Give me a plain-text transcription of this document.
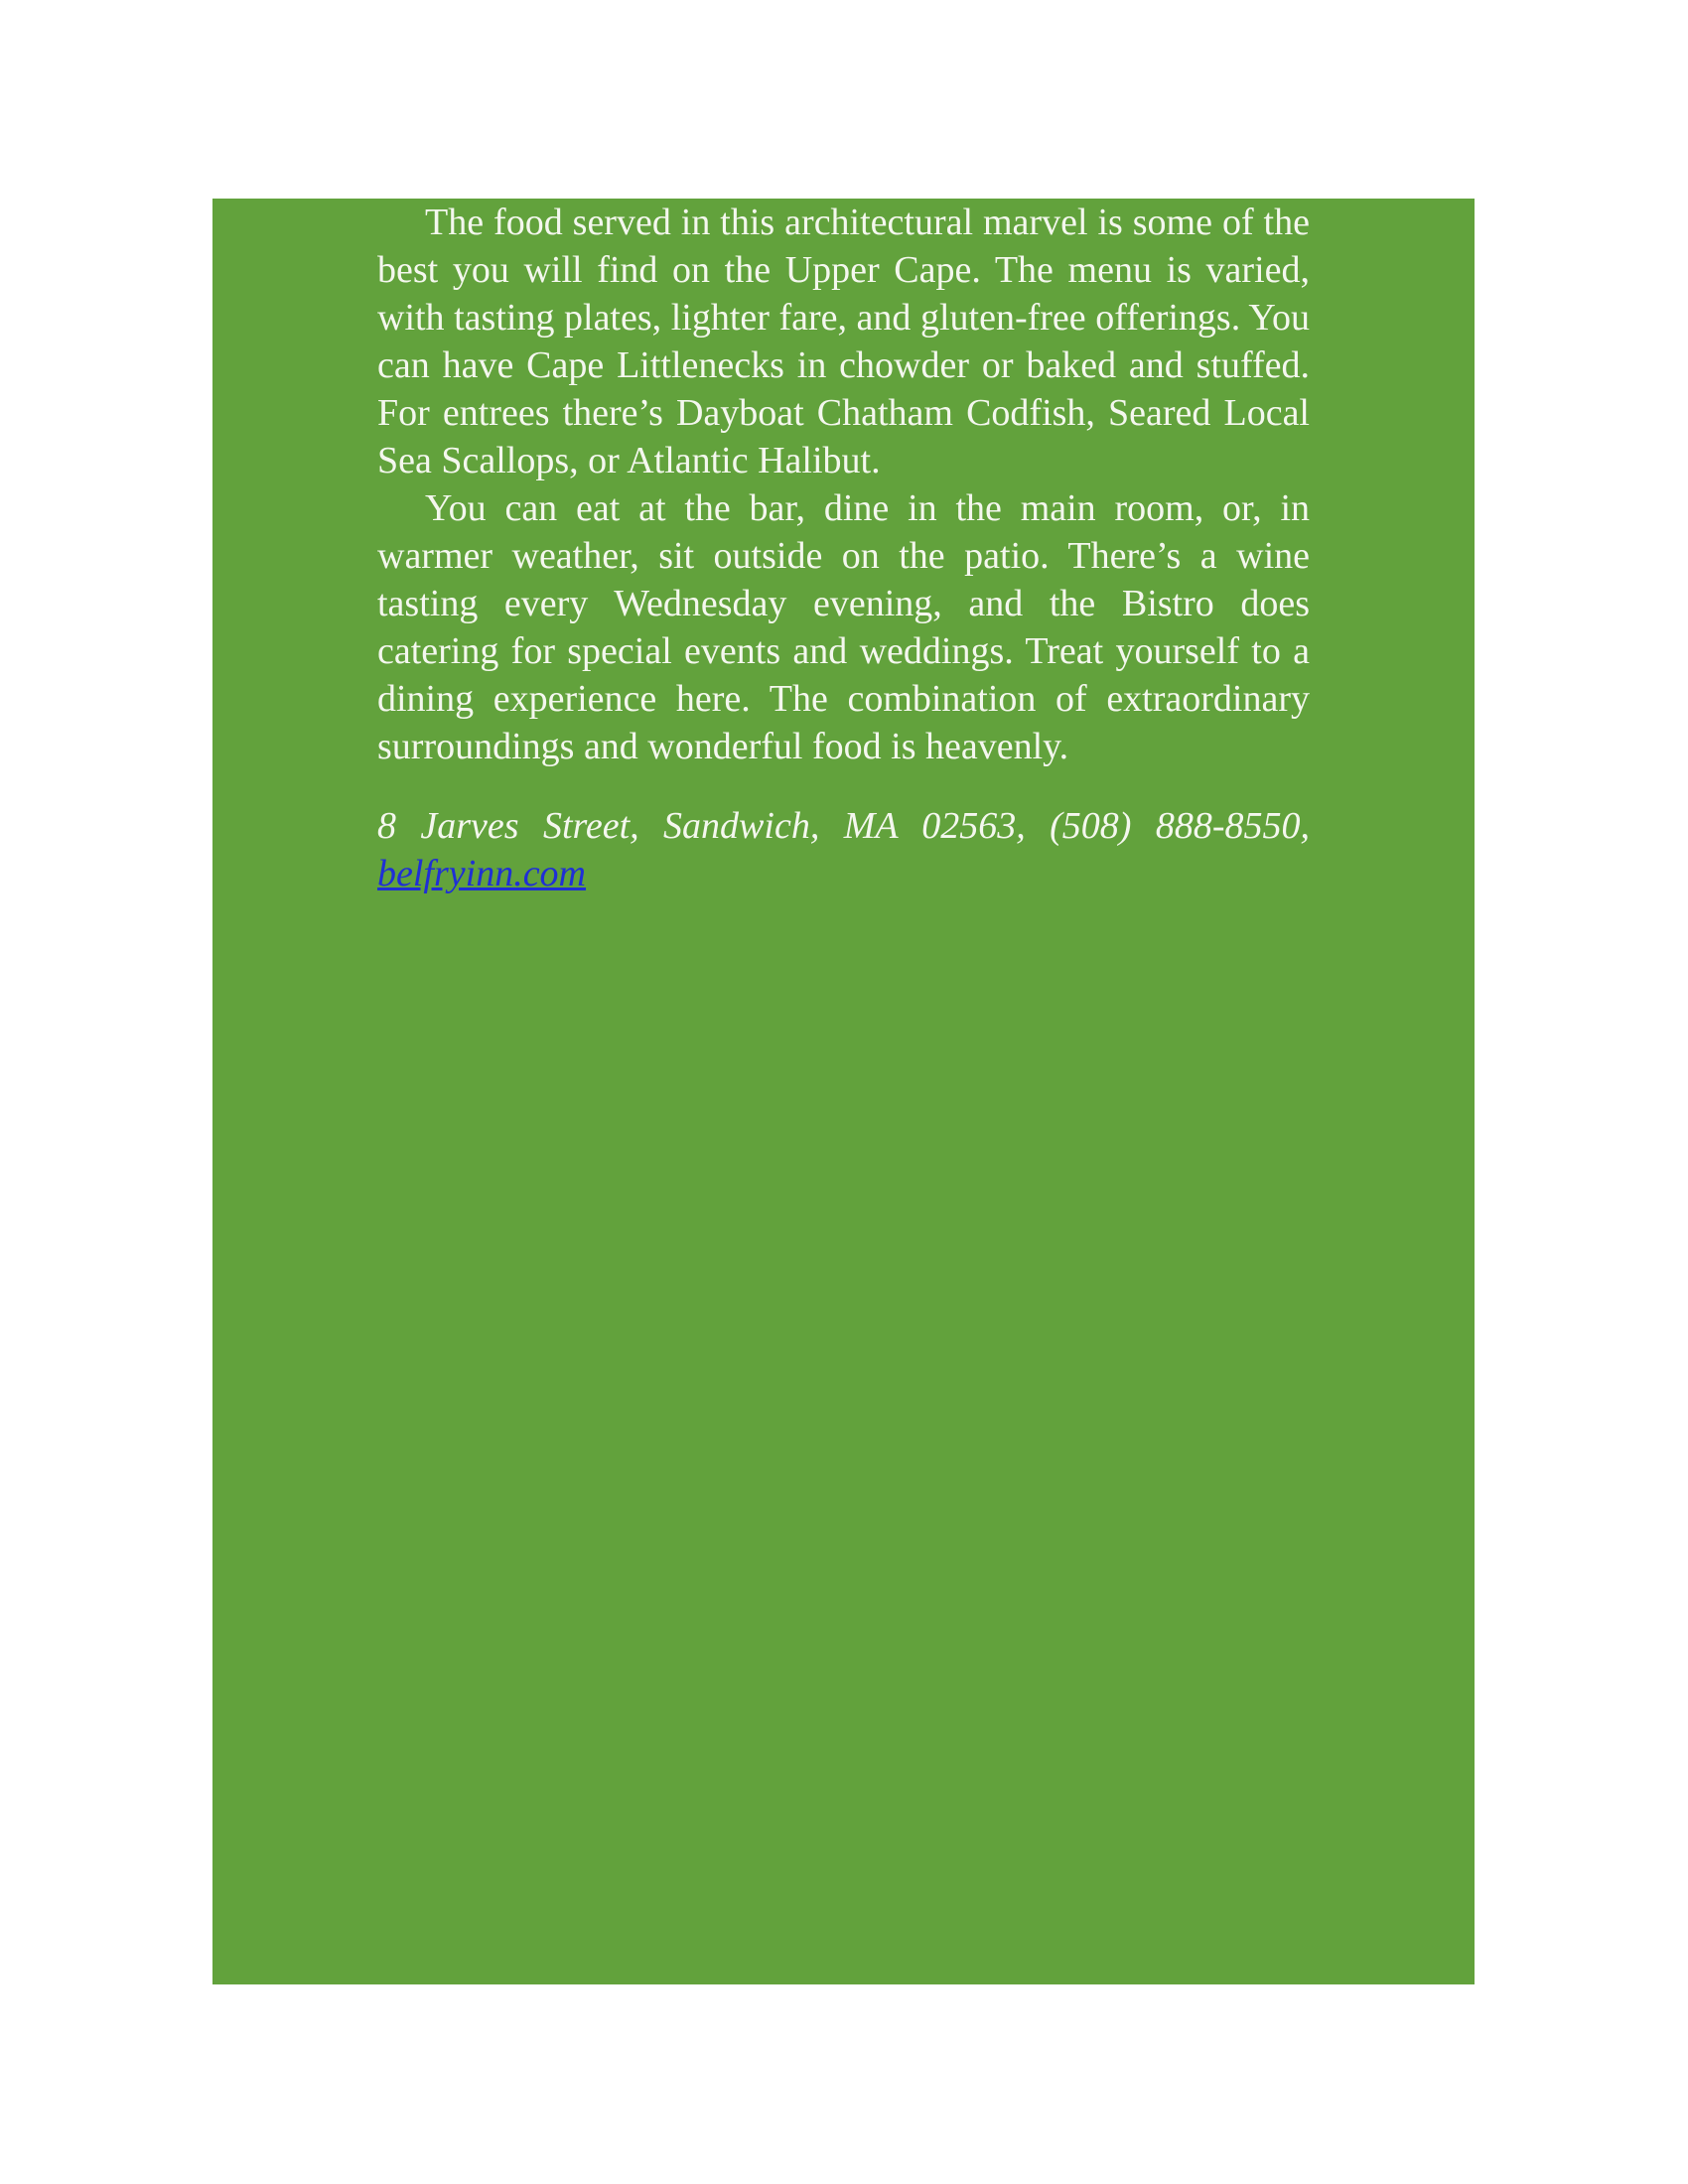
The food served in this architectural marvel is some of the best you will find on the Upper Cape. The menu is varied, with tasting plates, lighter fare, and gluten-free offerings. You can have Cape Littlenecks in chowder or baked and stuffed. For entrees there’s Dayboat Chatham Codfish, Seared Local Sea Scallops, or Atlantic Halibut.

You can eat at the bar, dine in the main room, or, in warmer weather, sit outside on the patio. There’s a wine tasting every Wednesday evening, and the Bistro does catering for special events and weddings. Treat yourself to a dining experience here. The combination of extraordinary surroundings and wonderful food is heavenly.

8 Jarves Street, Sandwich, MA 02563, (508) 888-8550, belfryinn.com
